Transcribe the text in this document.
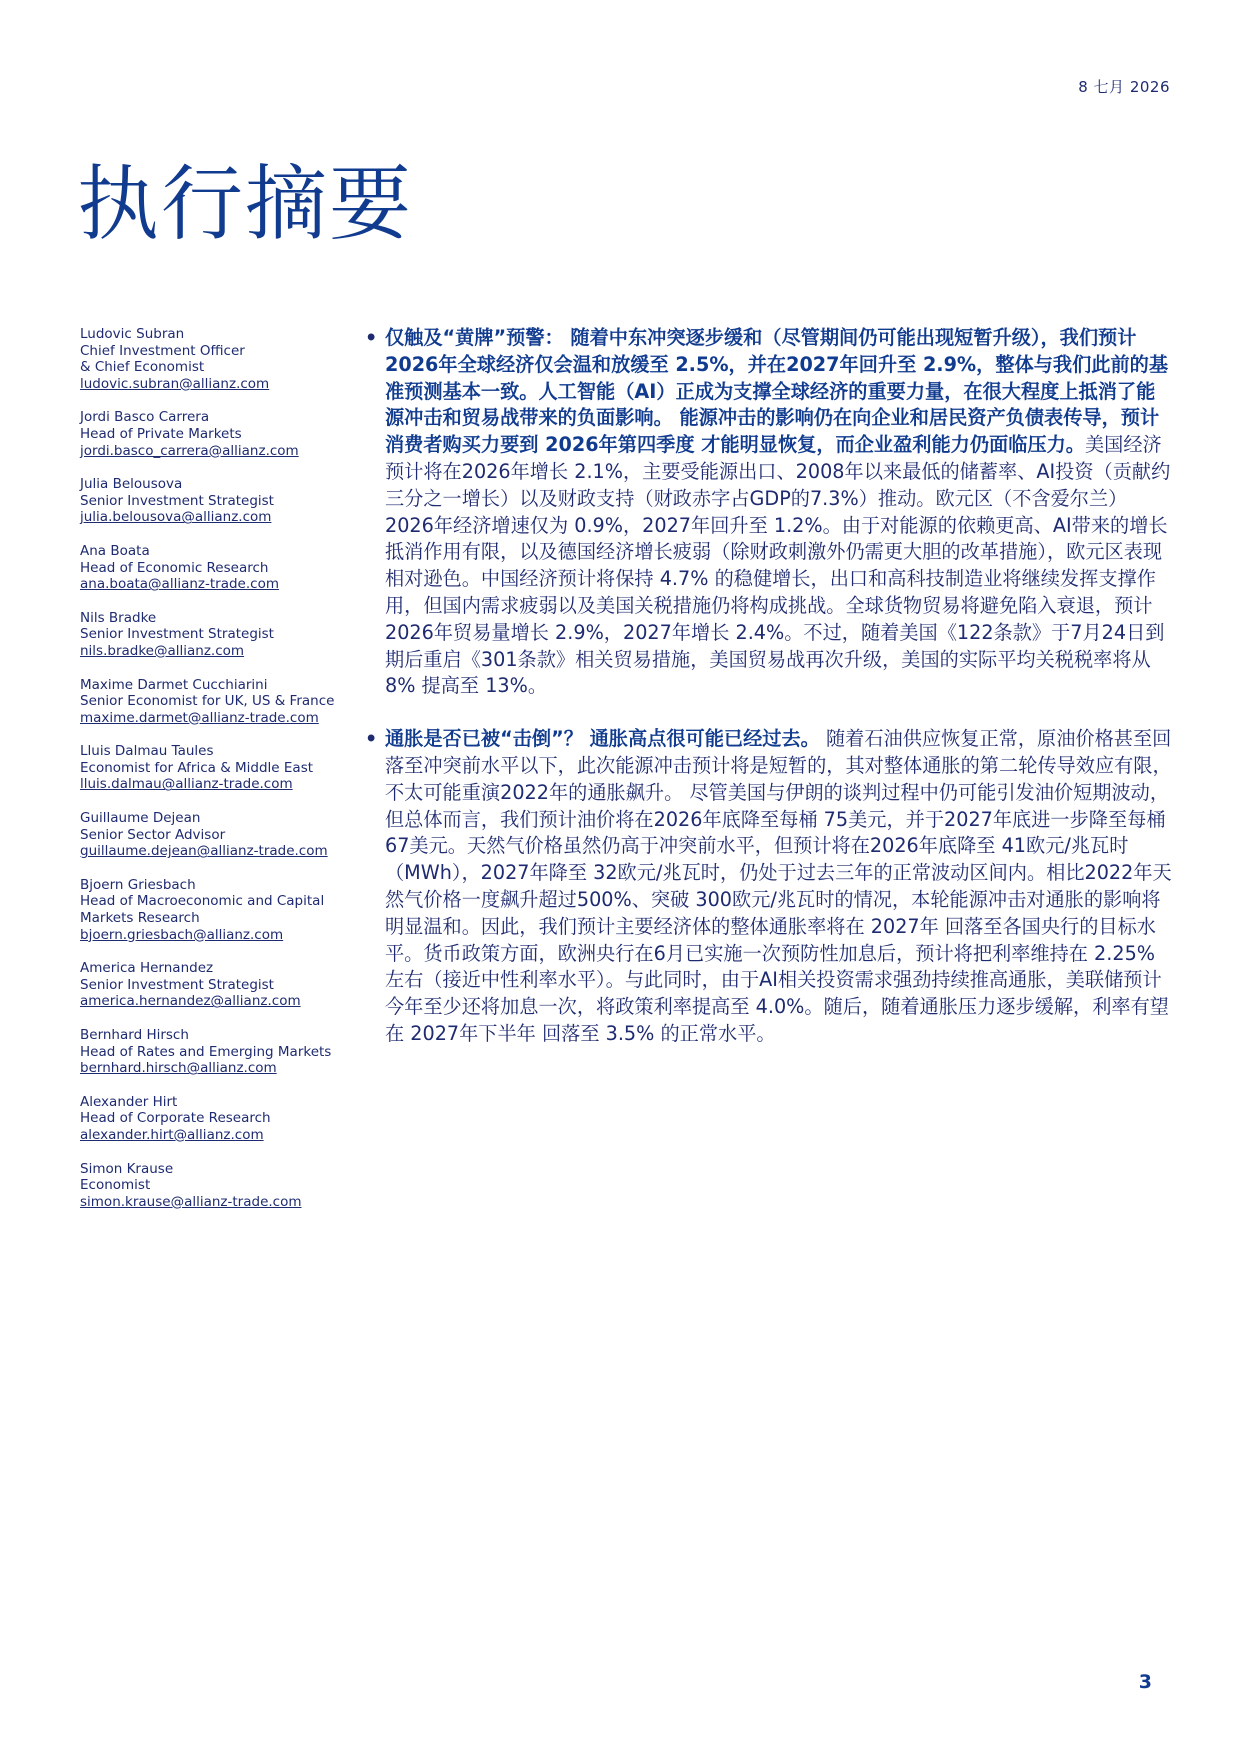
8 七月 2026
执行摘要
Ludovic Subran
Chief Investment Officer
& Chief Economist
ludovic.subran@allianz.com
Jordi Basco Carrera
Head of Private Markets
jordi.basco_carrera@allianz.com
Julia Belousova
Senior Investment Strategist
julia.belousova@allianz.com
Ana Boata
Head of Economic Research
ana.boata@allianz-trade.com
Nils Bradke
Senior Investment Strategist
nils.bradke@allianz.com
Maxime Darmet Cucchiarini
Senior Economist for UK, US & France
maxime.darmet@allianz-trade.com
Lluis Dalmau Taules
Economist for Africa & Middle East
lluis.dalmau@allianz-trade.com
Guillaume Dejean
Senior Sector Advisor
guillaume.dejean@allianz-trade.com
Bjoern Griesbach
Head of Macroeconomic and Capital
Markets Research
bjoern.griesbach@allianz.com
America Hernandez
Senior Investment Strategist
america.hernandez@allianz.com
Bernhard Hirsch
Head of Rates and Emerging Markets
bernhard.hirsch@allianz.com
Alexander Hirt
Head of Corporate Research
alexander.hirt@allianz.com
Simon Krause
Economist
simon.krause@allianz-trade.com
• 仅触及“黄牌”预警： 随着中东冲突逐步缓和（尽管期间仍可能出现短暂升级），我们预计2026年全球经济仅会温和放缓至 2.5%，并在2027年回升至 2.9%，整体与我们此前的基准预测基本一致。人工智能（AI）正成为支撑全球经济的重要力量，在很大程度上抵消了能源冲击和贸易战带来的负面影响。 能源冲击的影响仍在向企业和居民资产负债表传导，预计消费者购买力要到 2026年第四季度 才能明显恢复，而企业盈利能力仍面临压力。美国经济预计将在2026年增长 2.1%，主要受能源出口、2008年以来最低的储蓄率、AI投资（贡献约三分之一增长）以及财政支持（财政赤字占GDP的7.3%）推动。欧元区（不含爱尔兰）2026年经济增速仅为 0.9%，2027年回升至 1.2%。由于对能源的依赖更高、AI带来的增长抵消作用有限，以及德国经济增长疲弱（除财政刺激外仍需更大胆的改革措施），欧元区表现相对逊色。中国经济预计将保持 4.7% 的稳健增长，出口和高科技制造业将继续发挥支撑作用，但国内需求疲弱以及美国关税措施仍将构成挑战。全球货物贸易将避免陷入衰退，预计2026年贸易量增长 2.9%，2027年增长 2.4%。不过，随着美国《122条款》于7月24日到期后重启《301条款》相关贸易措施，美国贸易战再次升级，美国的实际平均关税税率将从 8% 提高至 13%。
• 通胀是否已被“击倒”？ 通胀高点很可能已经过去。 随着石油供应恢复正常，原油价格甚至回落至冲突前水平以下，此次能源冲击预计将是短暂的，其对整体通胀的第二轮传导效应有限，不太可能重演2022年的通胀飙升。 尽管美国与伊朗的谈判过程中仍可能引发油价短期波动，但总体而言，我们预计油价将在2026年底降至每桶 75美元，并于2027年底进一步降至每桶 67美元。天然气价格虽然仍高于冲突前水平，但预计将在2026年底降至 41欧元/兆瓦时（MWh），2027年降至 32欧元/兆瓦时，仍处于过去三年的正常波动区间内。相比2022年天然气价格一度飙升超过500%、突破 300欧元/兆瓦时的情况，本轮能源冲击对通胀的影响将明显温和。因此，我们预计主要经济体的整体通胀率将在 2027年 回落至各国央行的目标水平。货币政策方面，欧洲央行在6月已实施一次预防性加息后，预计将把利率维持在 2.25% 左右（接近中性利率水平）。与此同时，由于AI相关投资需求强劲持续推高通胀，美联储预计今年至少还将加息一次，将政策利率提高至 4.0%。随后，随着通胀压力逐步缓解，利率有望在 2027年下半年 回落至 3.5% 的正常水平。
3
